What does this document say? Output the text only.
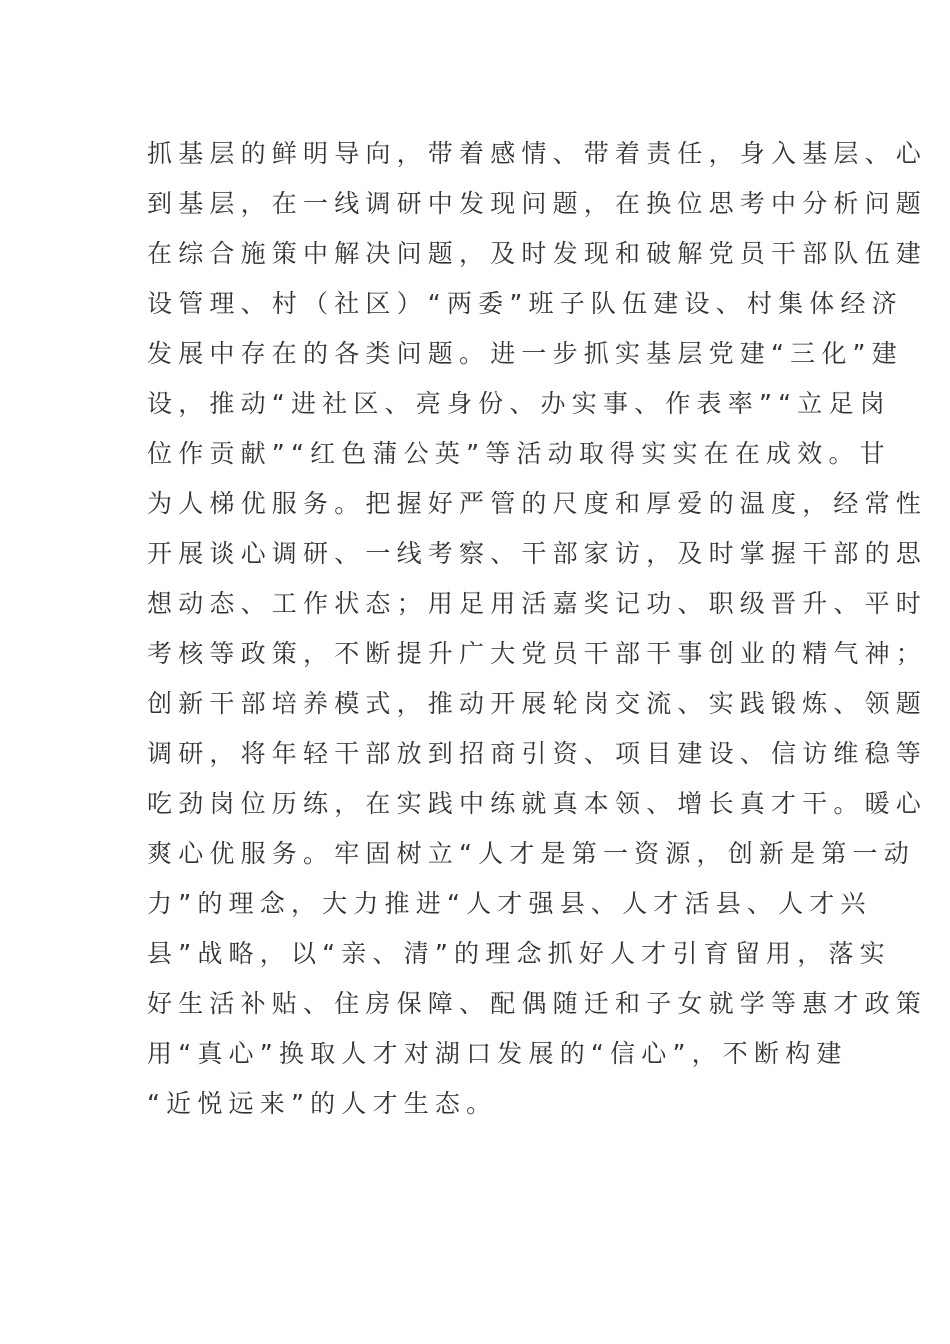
抓基层的鲜明导向，带着感情、带着责任，身入基层、心
到基层，在一线调研中发现问题，在换位思考中分析问题
在综合施策中解决问题，及时发现和破解党员干部队伍建
设管理、村（社区）“两委”班子队伍建设、村集体经济
发展中存在的各类问题。进一步抓实基层党建“三化”建
设，推动“进社区、亮身份、办实事、作表率”“立足岗
位作贡献”“红色蒲公英”等活动取得实实在在成效。甘
为人梯优服务。把握好严管的尺度和厚爱的温度，经常性
开展谈心调研、一线考察、干部家访，及时掌握干部的思
想动态、工作状态；用足用活嘉奖记功、职级晋升、平时
考核等政策，不断提升广大党员干部干事创业的精气神；
创新干部培养模式，推动开展轮岗交流、实践锻炼、领题
调研，将年轻干部放到招商引资、项目建设、信访维稳等
吃劲岗位历练，在实践中练就真本领、增长真才干。暖心
爽心优服务。牢固树立“人才是第一资源，创新是第一动
力”的理念，大力推进“人才强县、人才活县、人才兴
县”战略，以“亲、清”的理念抓好人才引育留用，落实
好生活补贴、住房保障、配偶随迁和子女就学等惠才政策
用“真心”换取人才对湖口发展的“信心”，不断构建
“近悦远来”的人才生态。
